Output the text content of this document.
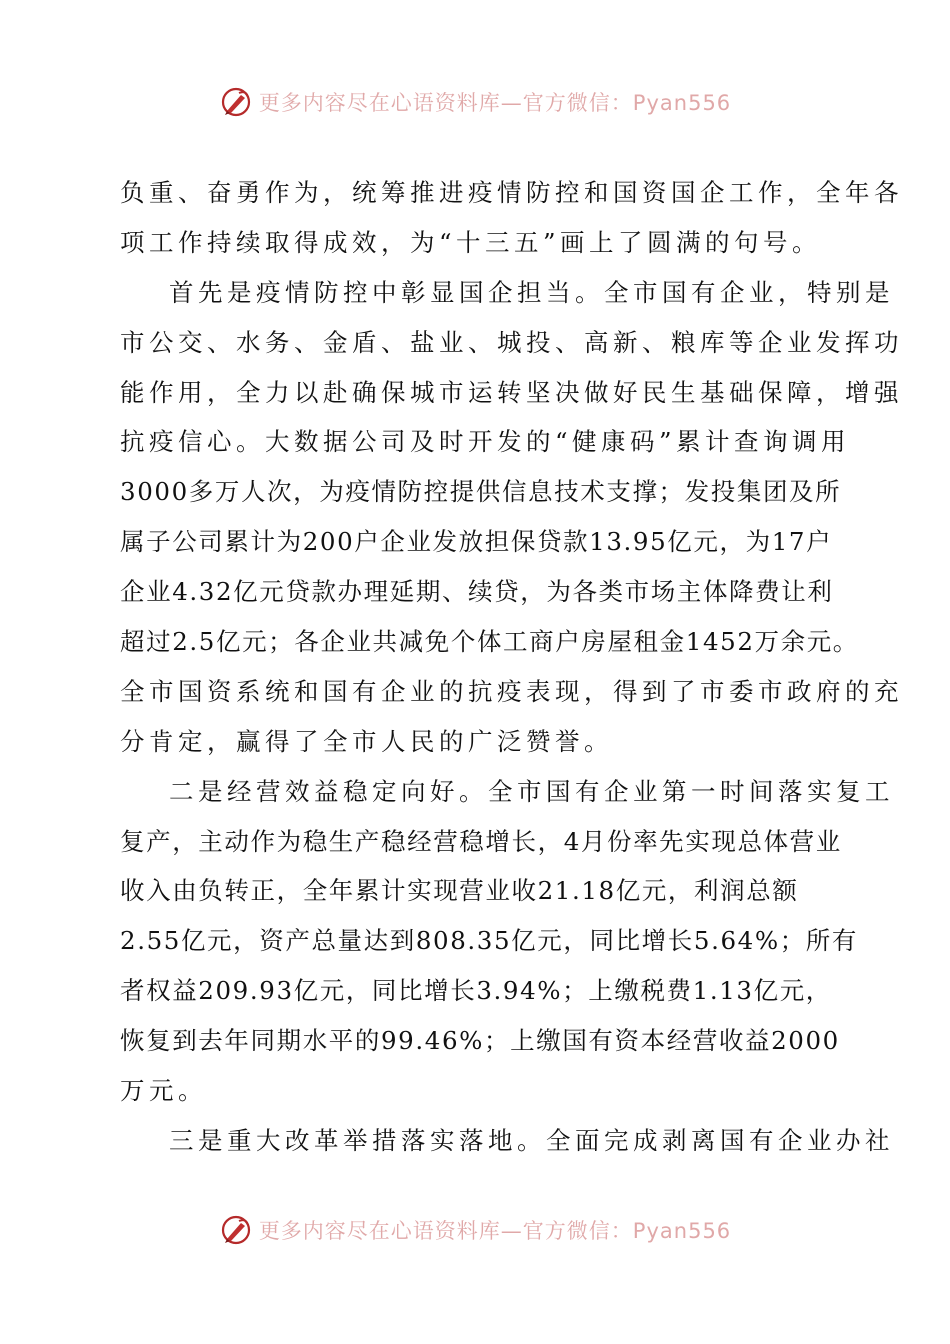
更多内容尽在心语资料库—官方微信：Pyan556
负重、奋勇作为，统筹推进疫情防控和国资国企工作，全年各
项工作持续取得成效，为“十三五”画上了圆满的句号。
首先是疫情防控中彰显国企担当。全市国有企业，特别是
市公交、水务、金盾、盐业、城投、高新、粮库等企业发挥功
能作用，全力以赴确保城市运转坚决做好民生基础保障，增强
抗疫信心。大数据公司及时开发的“健康码”累计查询调用
3000多万人次，为疫情防控提供信息技术支撑；发投集团及所
属子公司累计为200户企业发放担保贷款13.95亿元，为17户
企业4.32亿元贷款办理延期、续贷，为各类市场主体降费让利
超过2.5亿元；各企业共减免个体工商户房屋租金1452万余元。
全市国资系统和国有企业的抗疫表现，得到了市委市政府的充
分肯定，赢得了全市人民的广泛赞誉。
二是经营效益稳定向好。全市国有企业第一时间落实复工
复产，主动作为稳生产稳经营稳增长，4月份率先实现总体营业
收入由负转正，全年累计实现营业收21.18亿元，利润总额
2.55亿元，资产总量达到808.35亿元，同比增长5.64%；所有
者权益209.93亿元，同比增长3.94%；上缴税费1.13亿元，
恢复到去年同期水平的99.46%；上缴国有资本经营收益2000
万元。
三是重大改革举措落实落地。全面完成剥离国有企业办社
更多内容尽在心语资料库—官方微信：Pyan556
